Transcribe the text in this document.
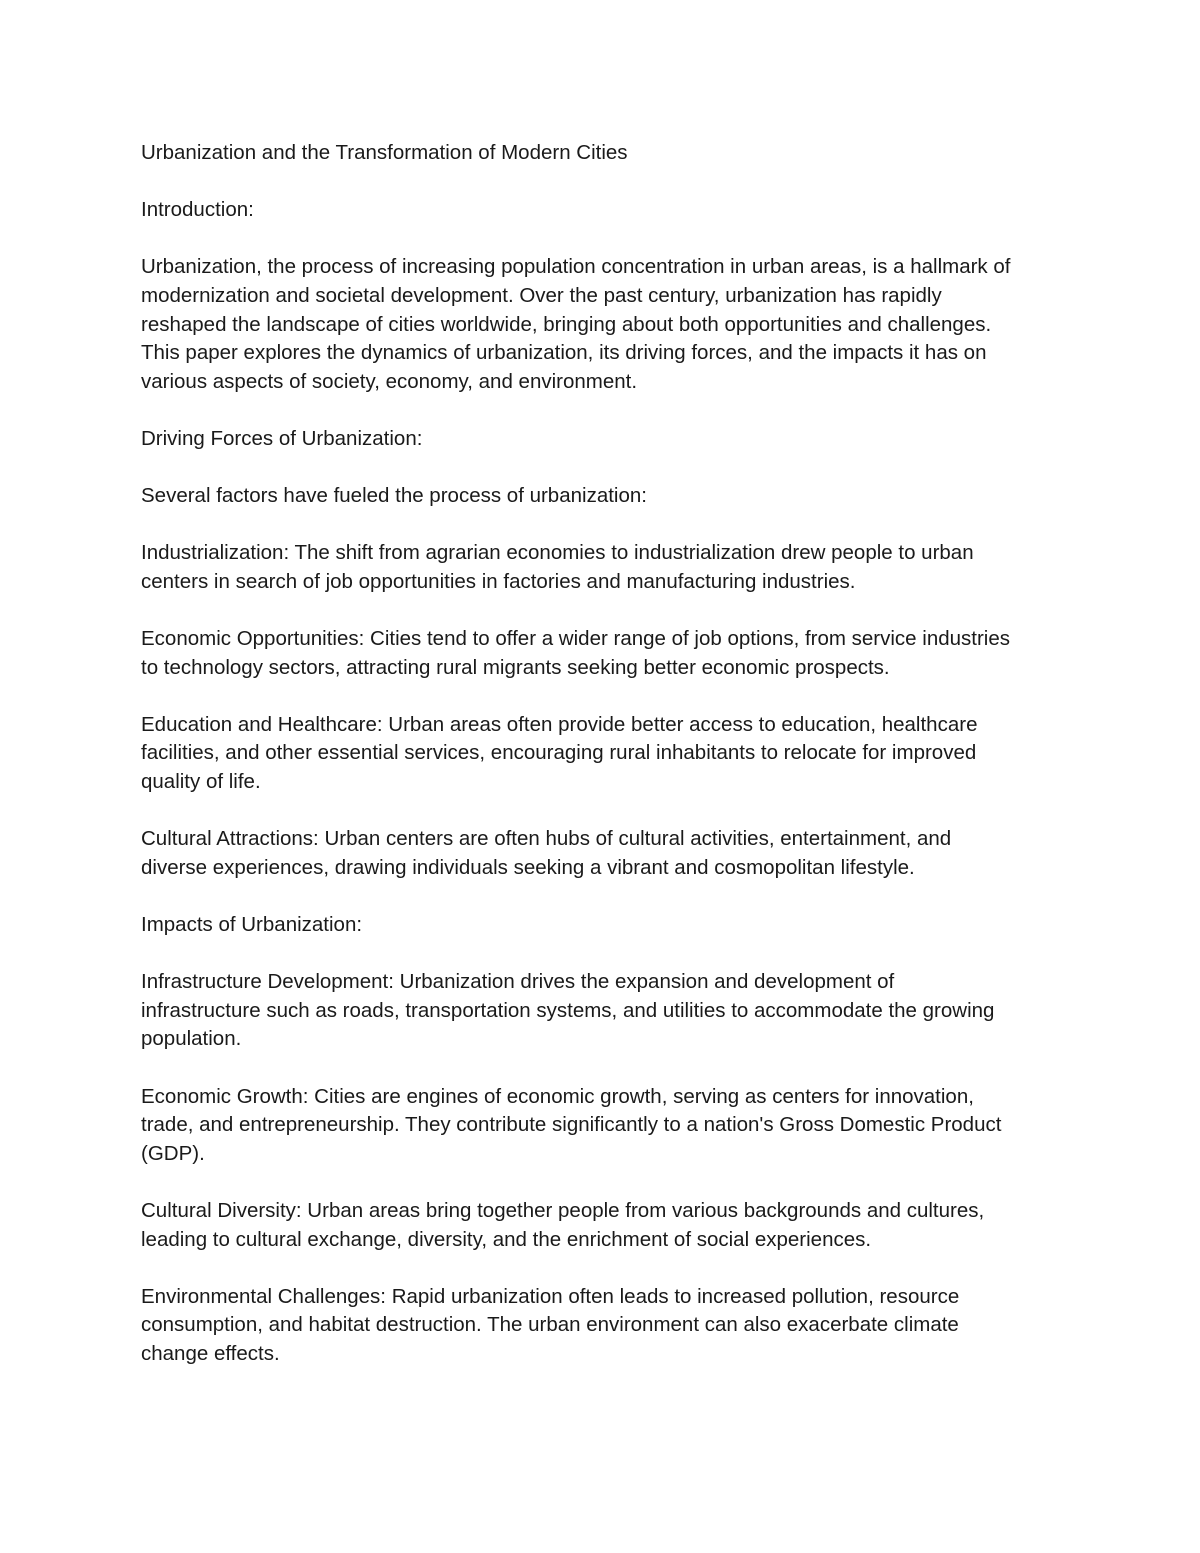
Urbanization and the Transformation of Modern Cities
Introduction:
Urbanization, the process of increasing population concentration in urban areas, is a hallmark of
modernization and societal development. Over the past century, urbanization has rapidly
reshaped the landscape of cities worldwide, bringing about both opportunities and challenges.
This paper explores the dynamics of urbanization, its driving forces, and the impacts it has on
various aspects of society, economy, and environment.
Driving Forces of Urbanization:
Several factors have fueled the process of urbanization:
Industrialization: The shift from agrarian economies to industrialization drew people to urban
centers in search of job opportunities in factories and manufacturing industries.
Economic Opportunities: Cities tend to offer a wider range of job options, from service industries
to technology sectors, attracting rural migrants seeking better economic prospects.
Education and Healthcare: Urban areas often provide better access to education, healthcare
facilities, and other essential services, encouraging rural inhabitants to relocate for improved
quality of life.
Cultural Attractions: Urban centers are often hubs of cultural activities, entertainment, and
diverse experiences, drawing individuals seeking a vibrant and cosmopolitan lifestyle.
Impacts of Urbanization:
Infrastructure Development: Urbanization drives the expansion and development of
infrastructure such as roads, transportation systems, and utilities to accommodate the growing
population.
Economic Growth: Cities are engines of economic growth, serving as centers for innovation,
trade, and entrepreneurship. They contribute significantly to a nation's Gross Domestic Product
(GDP).
Cultural Diversity: Urban areas bring together people from various backgrounds and cultures,
leading to cultural exchange, diversity, and the enrichment of social experiences.
Environmental Challenges: Rapid urbanization often leads to increased pollution, resource
consumption, and habitat destruction. The urban environment can also exacerbate climate
change effects.
